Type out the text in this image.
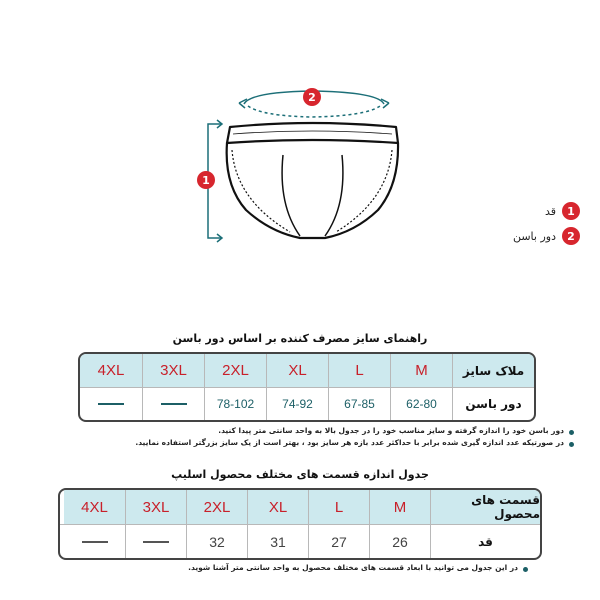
2
1
1
قد
2
دور باسن
راهنمای سایز مصرف کننده بر اساس دور باسن
ملاک سایز
M
L
XL
2XL
3XL
4XL
دور باسن
62-80
67-85
74-92
78-102
دور باسن خود را اندازه گرفته و سایز مناسب خود را در جدول بالا به واحد سانتی متر پیدا کنید.
در صورتیکه عدد اندازه گیری شده برابر با حداکثر عدد بازه هر سایز بود ، بهتر است از یک سایز بزرگتر استفاده نمایید.
جدول اندازه قسمت های مختلف محصول اسلیپ
قسمت های محصول
M
L
XL
2XL
3XL
4XL
قد
26
27
31
32
در این جدول می توانید با ابعاد قسمت های مختلف محصول به واحد سانتی متر آشنا شوید.
